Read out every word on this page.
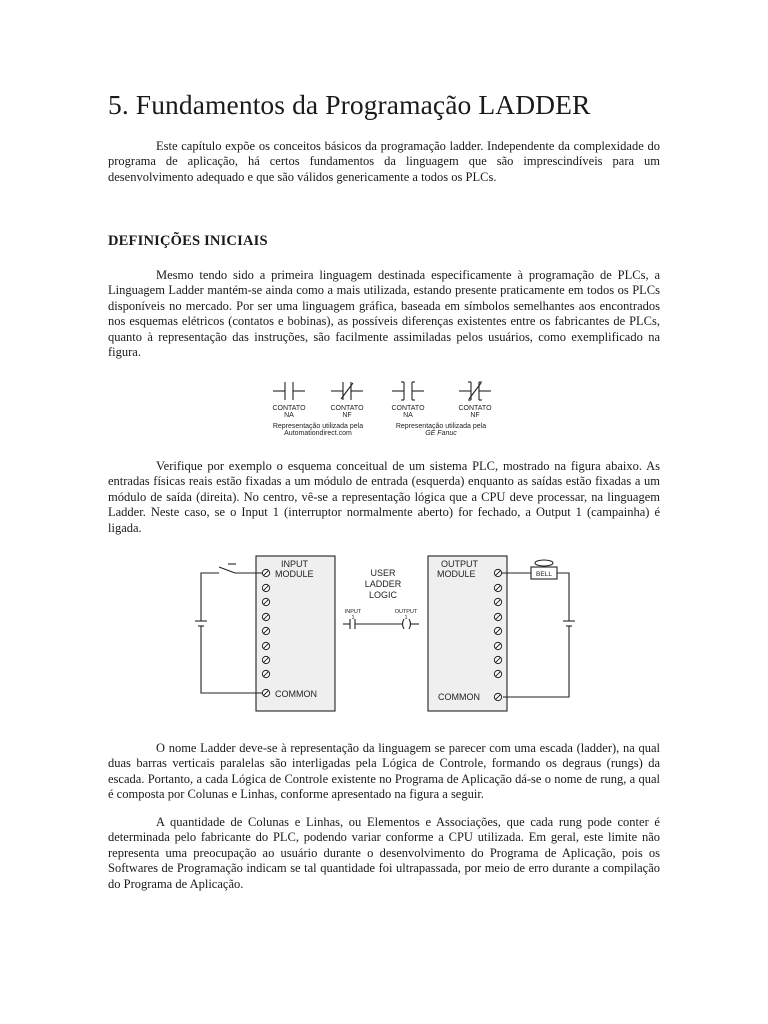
5. Fundamentos da Programação LADDER

Este capítulo expõe os conceitos básicos da programação ladder. Independente da complexidade do programa de aplicação, há certos fundamentos da linguagem que são imprescindíveis para um desenvolvimento adequado e que são válidos genericamente a todos os PLCs.

DEFINIÇÕES INICIAIS

Mesmo tendo sido a primeira linguagem destinada especificamente à programação de PLCs, a Linguagem Ladder mantém-se ainda como a mais utilizada, estando presente praticamente em todos os PLCs disponíveis no mercado. Por ser uma linguagem gráfica, baseada em símbolos semelhantes aos encontrados nos esquemas elétricos (contatos e bobinas), as possíveis diferenças existentes entre os fabricantes de PLCs, quanto à representação das instruções, são facilmente assimiladas pelos usuários, como exemplificado na figura.

CONTATO
NA
CONTATO
NF
CONTATO
NA
CONTATO
NF
Representação utilizada pela
Automationdirect.com
Representação utilizada pela
GE Fanuc

Verifique por exemplo o esquema conceitual de um sistema PLC, mostrado na figura abaixo. As entradas físicas reais estão fixadas a um módulo de entrada (esquerda) enquanto as saídas estão fixadas a um módulo de saída (direita). No centro, vê-se a representação lógica que a CPU deve processar, na linguagem Ladder. Neste caso, se o Input 1 (interruptor normalmente aberto) for fechado, a Output 1 (campainha) é ligada.

INPUT
MODULE
OUTPUT
MODULE
USER
LADDER
LOGIC
INPUT
1
OUTPUT
1
COMMON	COMMON
BELL

O nome Ladder deve-se à representação da linguagem se parecer com uma escada (ladder), na qual duas barras verticais paralelas são interligadas pela Lógica de Controle, formando os degraus (rungs) da escada. Portanto, a cada Lógica de Controle existente no Programa de Aplicação dá-se o nome de rung, a qual é composta por Colunas e Linhas, conforme apresentado na figura a seguir.

A quantidade de Colunas e Linhas, ou Elementos e Associações, que cada rung pode conter é determinada pelo fabricante do PLC, podendo variar conforme a CPU utilizada. Em geral, este limite não representa uma preocupação ao usuário durante o desenvolvimento do Programa de Aplicação, pois os Softwares de Programação indicam se tal quantidade foi ultrapassada, por meio de erro durante a compilação do Programa de Aplicação.
